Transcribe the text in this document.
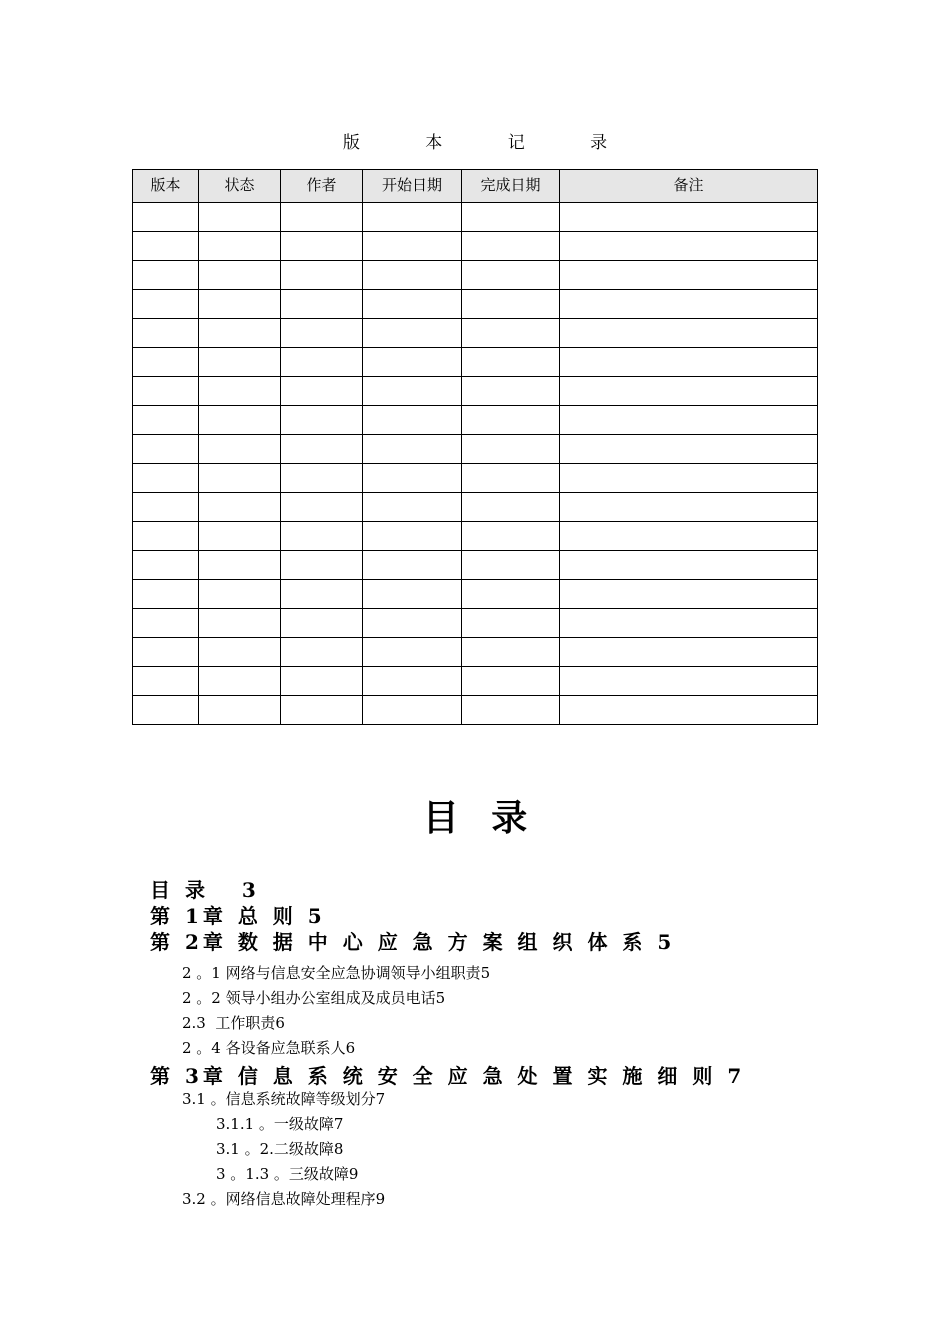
版 本 记 录
版本	状态	作者	开始日期	完成日期	备注

目 录
目 录   3
第 1章 总 则 5
第 2章 数 据 中 心 应 急 方 案 组 织 体 系 5
2 。1 网络与信息安全应急协调领导小组职责5
2 。2 领导小组办公室组成及成员电话5
2.3  工作职责6
2 。4 各设备应急联系人6
第 3章 信 息 系 统 安 全 应 急 处 置 实 施 细 则 7
3.1 。信息系统故障等级划分7
3.1.1 。一级故障7
3.1 。2.二级故障8
3 。1.3 。三级故障9
3.2 。网络信息故障处理程序9
